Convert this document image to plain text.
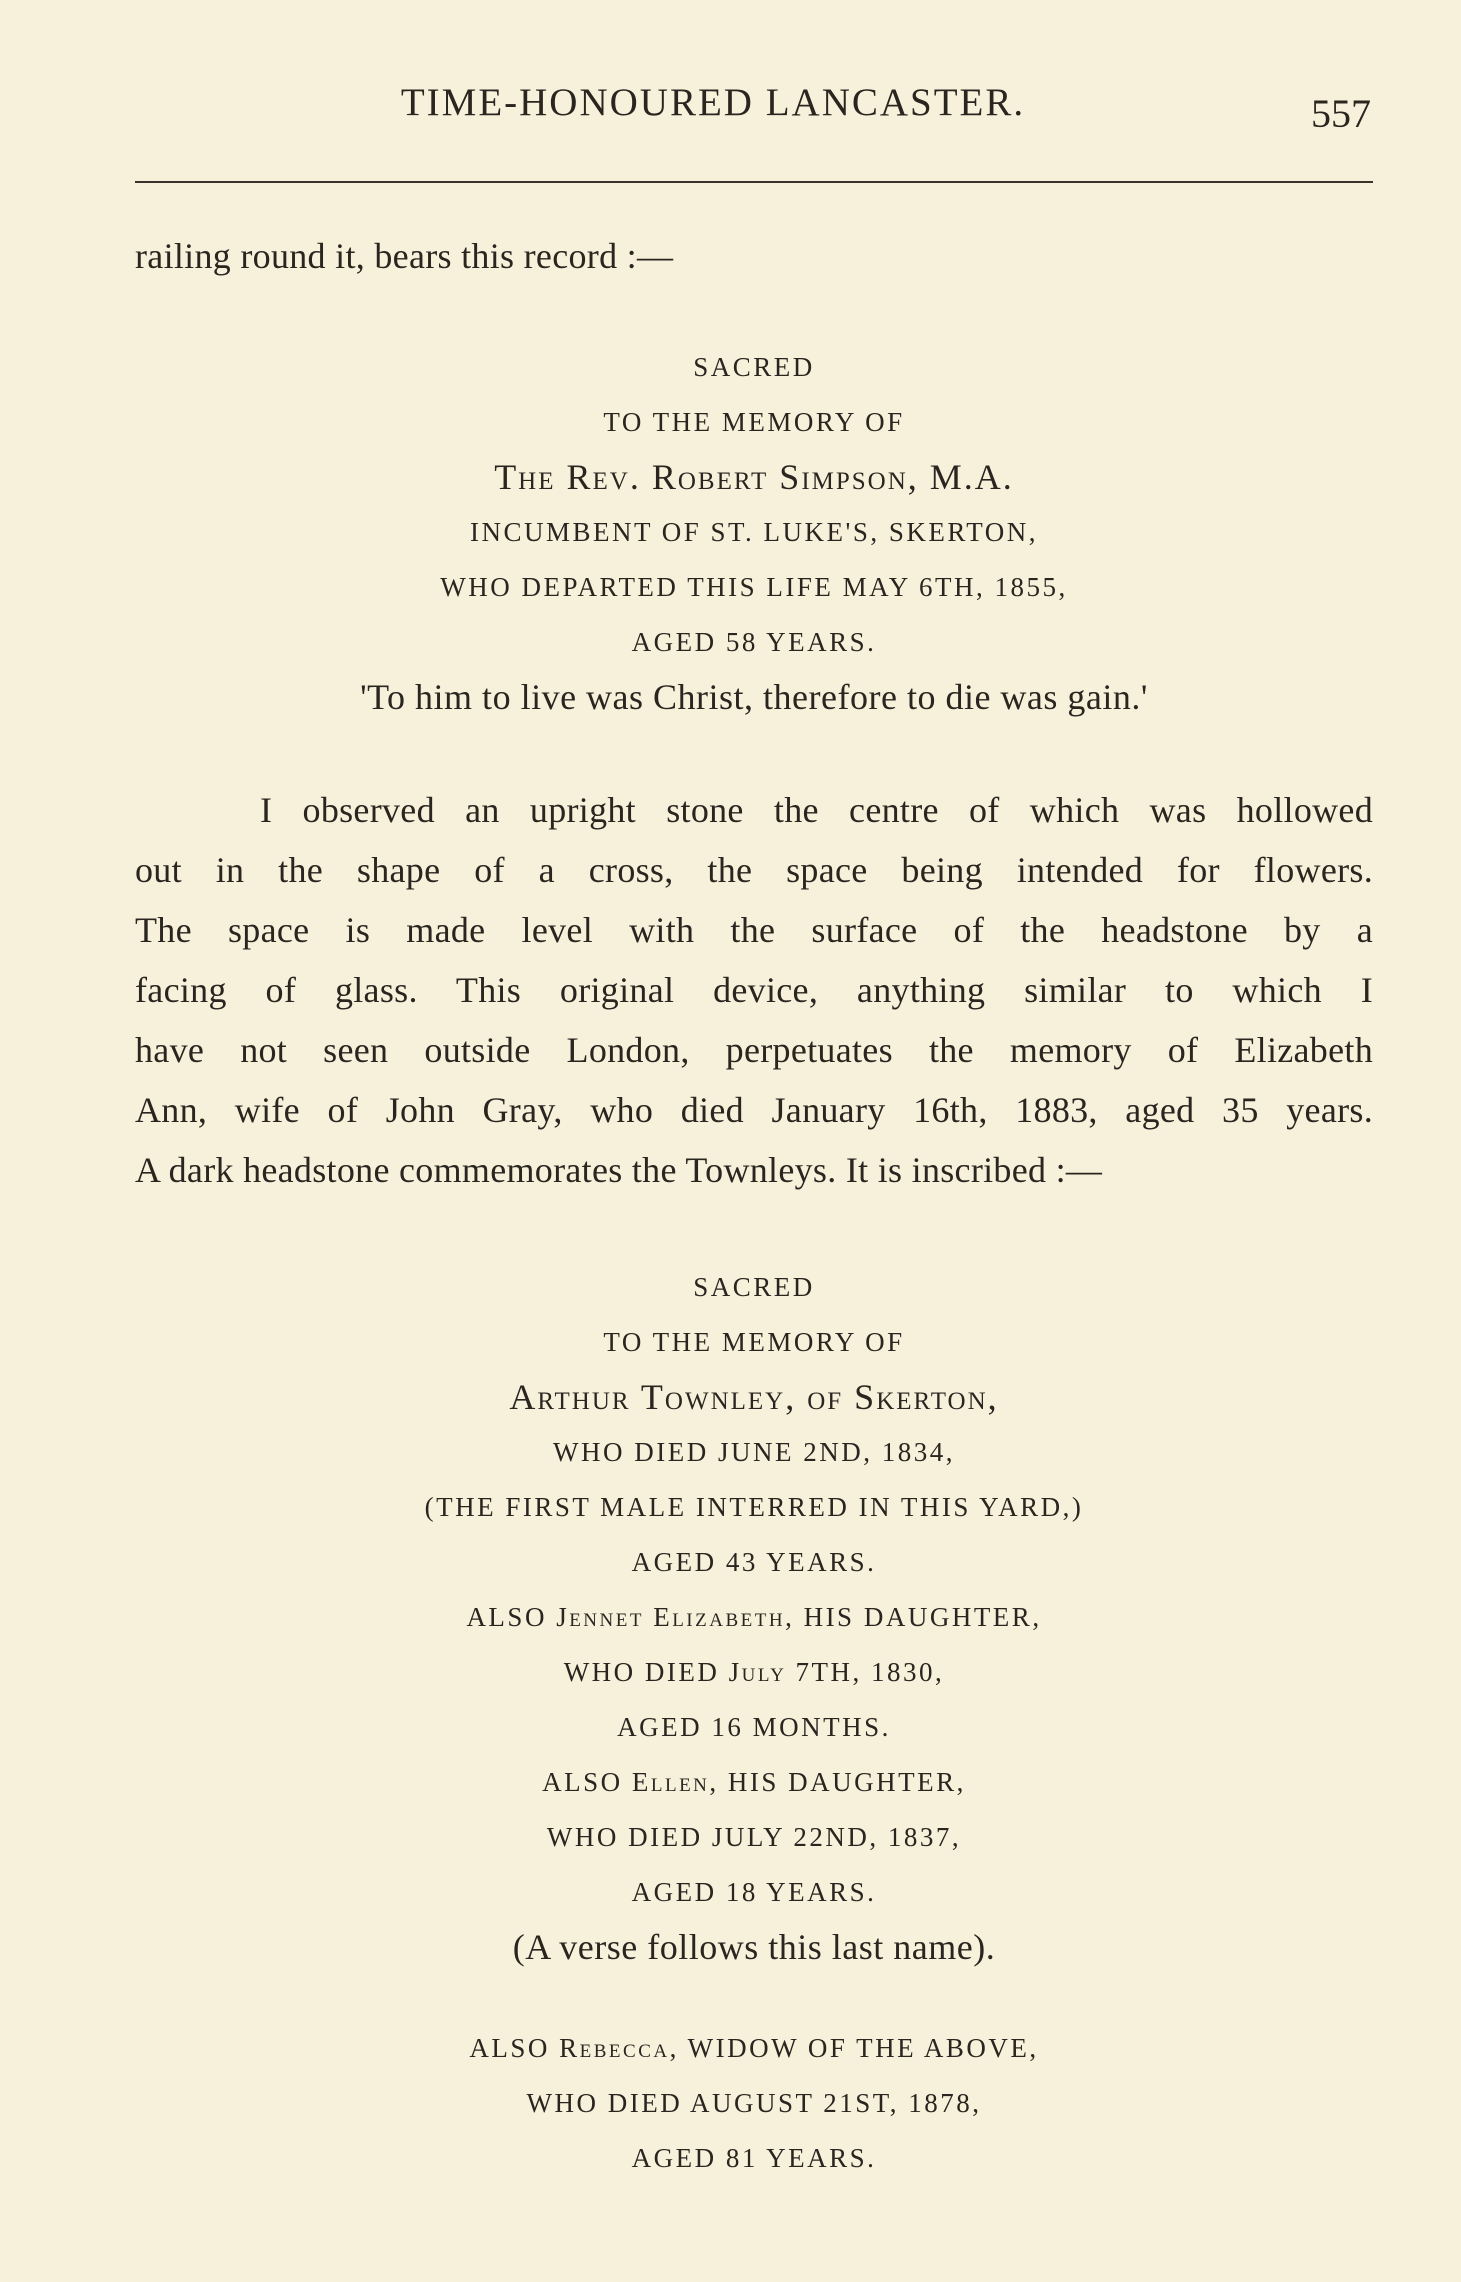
TIME-HONOURED LANCASTER.	557

railing round it, bears this record :—

SACRED
TO THE MEMORY OF
The Rev. Robert Simpson, M.A.
INCUMBENT OF ST. LUKE'S, SKERTON,
WHO DEPARTED THIS LIFE MAY 6TH, 1855,
AGED 58 YEARS.
'To him to live was Christ, therefore to die was gain.'
I observed an upright stone the centre of which was hollowed
out in the shape of a cross, the space being intended for flowers.
The space is made level with the surface of the headstone by a
facing of glass. This original device, anything similar to which I
have not seen outside London, perpetuates the memory of Elizabeth
Ann, wife of John Gray, who died January 16th, 1883, aged 35 years.
A dark headstone commemorates the Townleys. It is inscribed :—
SACRED
TO THE MEMORY OF
Arthur Townley, of Skerton,
WHO DIED JUNE 2ND, 1834,
(THE FIRST MALE INTERRED IN THIS YARD,)
AGED 43 YEARS.
ALSO Jennet Elizabeth, HIS DAUGHTER,
WHO DIED July 7TH, 1830,
AGED 16 MONTHS.
ALSO Ellen, HIS DAUGHTER,
WHO DIED JULY 22ND, 1837,
AGED 18 YEARS.
(A verse follows this last name).
ALSO Rebecca, WIDOW OF THE ABOVE,
WHO DIED AUGUST 21ST, 1878,
AGED 81 YEARS.
